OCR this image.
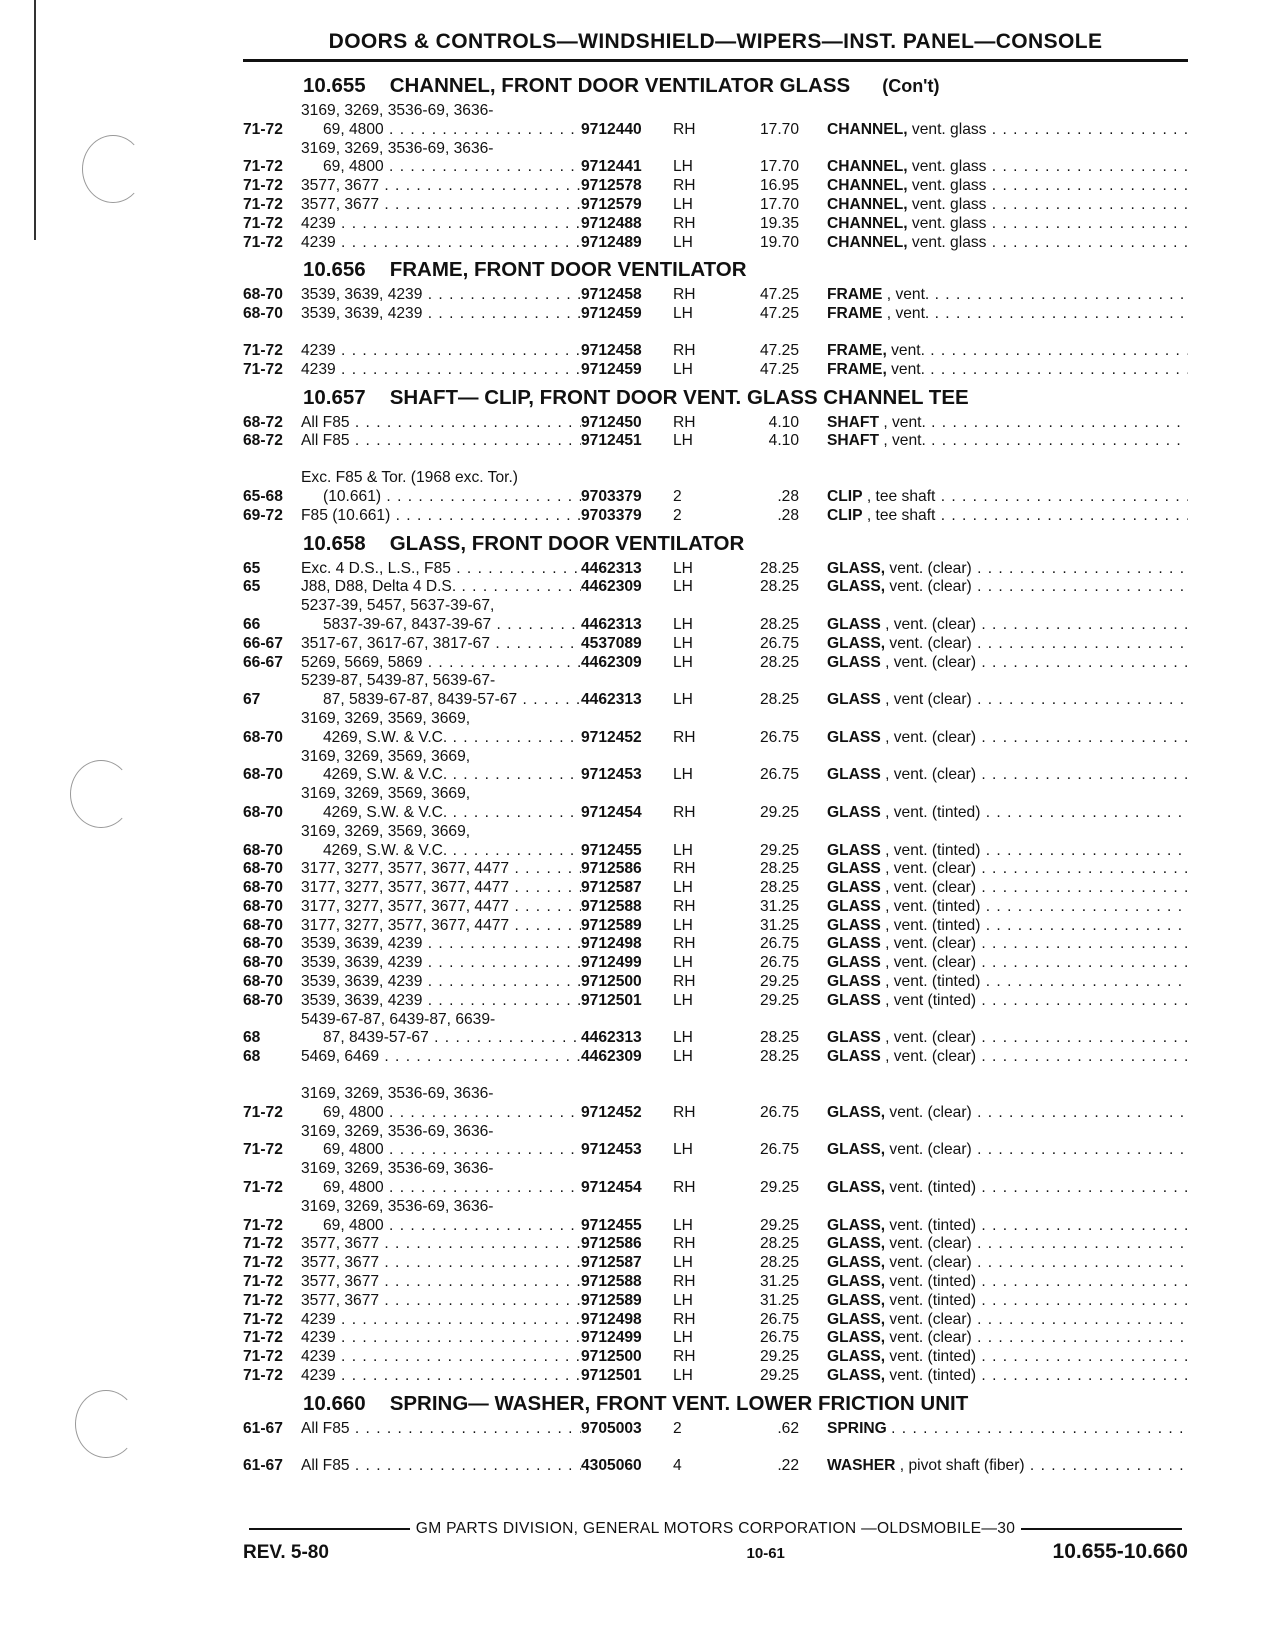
DOORS & CONTROLS—WINDSHIELD—WIPERS—INST. PANEL—CONSOLE
10.655 CHANNEL, FRONT DOOR VENTILATOR GLASS (Con't)
71-72
3169, 3269, 3536-69, 3636-
69, 4800 . . .	9712440	RH	17.70 CHANNEL, vent. glass . . .
71-72
3169, 3269, 3536-69, 3636-
69, 4800 . . .	9712441	LH	17.70 CHANNEL, vent. glass . . .
71-72	3577, 3677 . . .	9712578	RH	16.95 CHANNEL, vent. glass . . .
71-72	3577, 3677 . . .	9712579	LH	17.70 CHANNEL, vent. glass . . .
71-72	4239 . . .	9712488	RH	19.35 CHANNEL, vent. glass . . .
71-72	4239 . . .	9712489	LH	19.70 CHANNEL, vent. glass . . .
10.656 FRAME, FRONT DOOR VENTILATOR
68-70	3539, 3639, 4239 . . .	9712458	RH	47.25 FRAME , vent. . . .
68-70	3539, 3639, 4239 . . .	9712459	LH	47.25 FRAME , vent. . . .
71-72	4239 . . .	9712458	RH	47.25 FRAME, vent. . . .
71-72	4239 . . .	9712459	LH	47.25 FRAME, vent. . . .
10.657 SHAFT— CLIP, FRONT DOOR VENT. GLASS CHANNEL TEE
68-72	All F85 . . .	9712450	RH	4.10 SHAFT , vent. . . .
68-72	All F85 . . .	9712451	LH	4.10 SHAFT , vent. . . .
65-68
Exc. F85 & Tor. (1968 exc. Tor.)
(10.661) . . .	9703379	2	.28 CLIP , tee shaft . . .
69-72	F85 (10.661) . . .	9703379	2	.28 CLIP , tee shaft . . .
10.658 GLASS, FRONT DOOR VENTILATOR
65	Exc. 4 D.S., L.S., F85 . . .	4462313	LH	28.25 GLASS, vent. (clear) . . .
65	J88, D88, Delta 4 D.S. . . .	4462309	LH	28.25 GLASS, vent. (clear) . . .
66
5237-39, 5457, 5637-39-67,
5837-39-67, 8437-39-67 . . .	4462313	LH	28.25 GLASS , vent. (clear) . . .
66-67	3517-67, 3617-67, 3817-67 . . .	4537089	LH	26.75 GLASS, vent. (clear) . . .
66-67	5269, 5669, 5869 . . .	4462309	LH	28.25 GLASS , vent. (clear) . . .
67
5239-87, 5439-87, 5639-67-
87, 5839-67-87, 8439-57-67 . . .	4462313	LH	28.25 GLASS , vent (clear) . . .
68-70
3169, 3269, 3569, 3669,
4269, S.W. & V.C. . . .	9712452	RH	26.75 GLASS , vent. (clear) . . .
68-70
3169, 3269, 3569, 3669,
4269, S.W. & V.C. . . .	9712453	LH	26.75 GLASS , vent. (clear) . . .
68-70
3169, 3269, 3569, 3669,
4269, S.W. & V.C. . . .	9712454	RH	29.25 GLASS , vent. (tinted) . . .
68-70
3169, 3269, 3569, 3669,
4269, S.W. & V.C. . . .	9712455	LH	29.25 GLASS , vent. (tinted) . . .
68-70	3177, 3277, 3577, 3677, 4477 . . .	9712586	RH	28.25 GLASS , vent. (clear) . . .
68-70	3177, 3277, 3577, 3677, 4477 . . .	9712587	LH	28.25 GLASS , vent. (clear) . . .
68-70	3177, 3277, 3577, 3677, 4477 . . .	9712588	RH	31.25 GLASS , vent. (tinted) . . .
68-70	3177, 3277, 3577, 3677, 4477 . . .	9712589	LH	31.25 GLASS , vent. (tinted) . . .
68-70	3539, 3639, 4239 . . .	9712498	RH	26.75 GLASS , vent. (clear) . . .
68-70	3539, 3639, 4239 . . .	9712499	LH	26.75 GLASS , vent. (clear) . . .
68-70	3539, 3639, 4239 . . .	9712500	RH	29.25 GLASS , vent. (tinted) . . .
68-70	3539, 3639, 4239 . . .	9712501	LH	29.25 GLASS , vent (tinted) . . .
68
5439-67-87, 6439-87, 6639-
87, 8439-57-67 . . .	4462313	LH	28.25 GLASS , vent. (clear) . . .
68	5469, 6469 . . .	4462309	LH	28.25 GLASS , vent. (clear) . . .
71-72
3169, 3269, 3536-69, 3636-
69, 4800 . . .	9712452	RH	26.75 GLASS, vent. (clear) . . .
71-72
3169, 3269, 3536-69, 3636-
69, 4800 . . .	9712453	LH	26.75 GLASS, vent. (clear) . . .
71-72
3169, 3269, 3536-69, 3636-
69, 4800 . . .	9712454	RH	29.25 GLASS, vent. (tinted) . . .
71-72
3169, 3269, 3536-69, 3636-
69, 4800 . . .	9712455	LH	29.25 GLASS, vent. (tinted) . . .
71-72	3577, 3677 . . .	9712586	RH	28.25 GLASS, vent. (clear) . . .
71-72	3577, 3677 . . .	9712587	LH	28.25 GLASS, vent. (clear) . . .
71-72	3577, 3677 . . .	9712588	RH	31.25 GLASS, vent. (tinted) . . .
71-72	3577, 3677 . . .	9712589	LH	31.25 GLASS, vent. (tinted) . . .
71-72	4239 . . .	9712498	RH	26.75 GLASS, vent. (clear) . . .
71-72	4239 . . .	9712499	LH	26.75 GLASS, vent. (clear) . . .
71-72	4239 . . .	9712500	RH	29.25 GLASS, vent. (tinted) . . .
71-72	4239 . . .	9712501	LH	29.25 GLASS, vent. (tinted) . . .
10.660 SPRING— WASHER, FRONT VENT. LOWER FRICTION UNIT
61-67	All F85 . . .	9705003	2	.62 SPRING . . .
61-67	All F85 . . .	4305060	4	.22 WASHER , pivot shaft (fiber) . . .
GM PARTS DIVISION, GENERAL MOTORS CORPORATION —OLDSMOBILE—30
REV. 5-80	10-61	10.655-10.660
